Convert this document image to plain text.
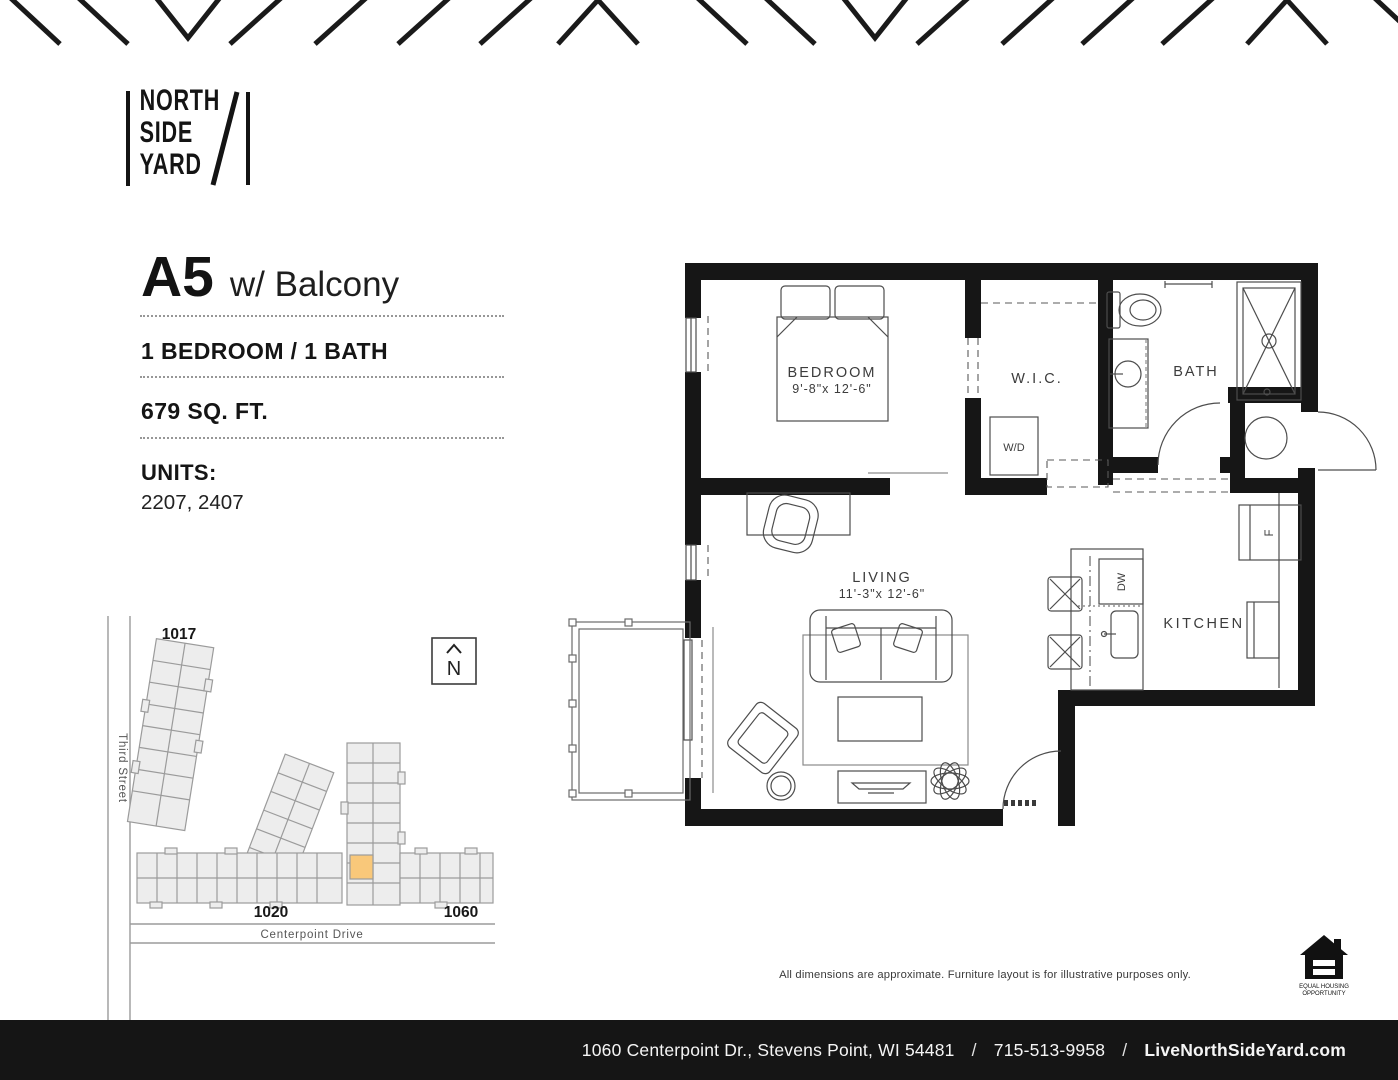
NORTH
SIDE
YARD
A5 w/ Balcony
1 BEDROOM / 1 BATH
679 SQ. FT.
UNITS:
2207, 2407
N
1017
1020	1060
Third Street
Centerpoint Drive
BEDROOM
9'-8"x 12'-6"
W.I.C.	BATH
W/D
LIVING
11'-3"x 12'-6"
KITCHEN
DW
F
All dimensions are approximate. Furniture layout is for illustrative purposes only.
EQUAL HOUSING
OPPORTUNITY
1060 Centerpoint Dr., Stevens Point, WI 54481 / 715-513-9958 / LiveNorthSideYard.com
